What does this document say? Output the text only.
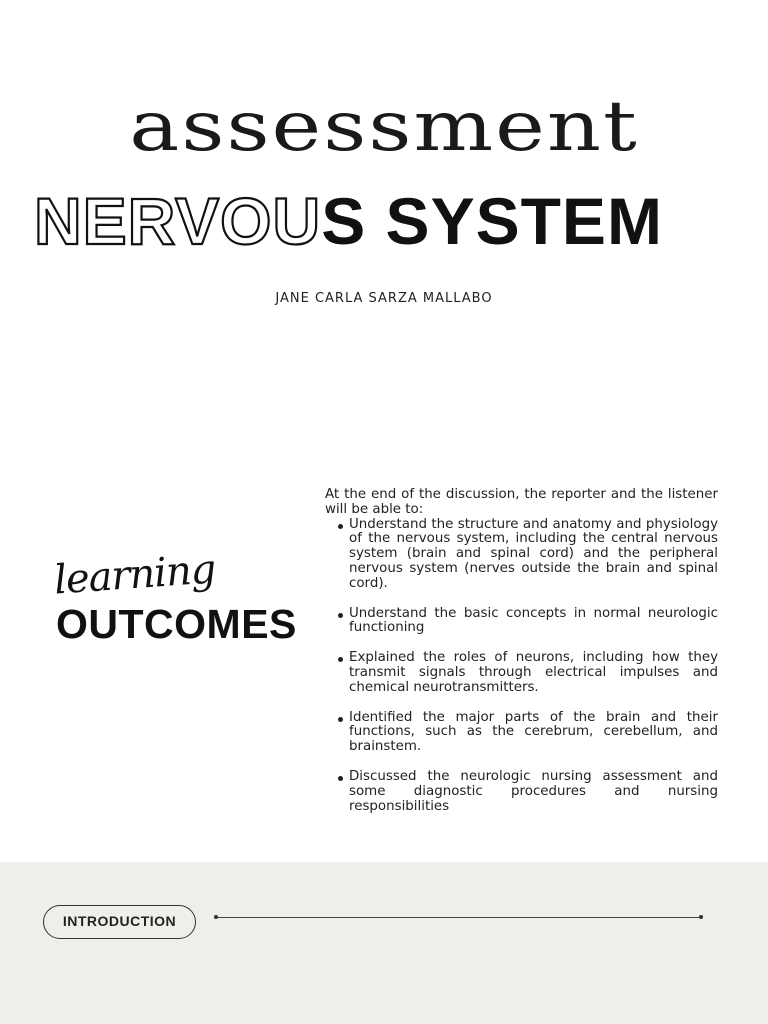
assessment
NERVOUS SYSTEM
JANE CARLA SARZA MALLABO
learning
OUTCOMES

At the end of the discussion, the reporter and the listener will be able to:

Understand the structure and anatomy and physiology of the nervous system, including the central nervous system (brain and spinal cord) and the peripheral nervous system (nerves outside the brain and spinal cord).
Understand the basic concepts in normal neurologic functioning
Explained the roles of neurons, including how they transmit signals through electrical impulses and chemical neurotransmitters.
Identified the major parts of the brain and their functions, such as the cerebrum, cerebellum, and brainstem.
Discussed the neurologic nursing assessment and some diagnostic procedures and nursing responsibilities
INTRODUCTION
